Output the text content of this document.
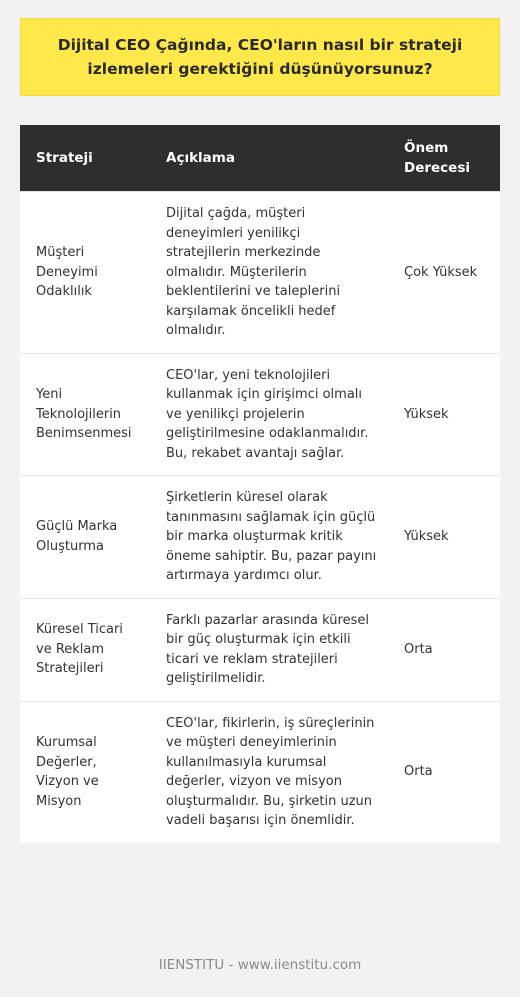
Dijital CEO Çağında, CEO'ların nasıl bir strateji izlemeleri gerektiğini düşünüyorsunuz?
Strateji	Açıklama	Önem Derecesi
Müşteri Deneyimi Odaklılık	Dijital çağda, müşteri deneyimleri yenilikçi stratejilerin merkezinde olmalıdır. Müşterilerin beklentilerini ve taleplerini karşılamak öncelikli hedef olmalıdır.	Çok Yüksek
Yeni Teknolojilerin Benimsenmesi	CEO'lar, yeni teknolojileri kullanmak için girişimci olmalı ve yenilikçi projelerin geliştirilmesine odaklanmalıdır. Bu, rekabet avantajı sağlar.	Yüksek
Güçlü Marka Oluşturma	Şirketlerin küresel olarak tanınmasını sağlamak için güçlü bir marka oluşturmak kritik öneme sahiptir. Bu, pazar payını artırmaya yardımcı olur.	Yüksek
Küresel Ticari ve Reklam Stratejileri	Farklı pazarlar arasında küresel bir güç oluşturmak için etkili ticari ve reklam stratejileri geliştirilmelidir.	Orta
Kurumsal Değerler, Vizyon ve Misyon	CEO'lar, fikirlerin, iş süreçlerinin ve müşteri deneyimlerinin kullanılmasıyla kurumsal değerler, vizyon ve misyon oluşturmalıdır. Bu, şirketin uzun vadeli başarısı için önemlidir.	Orta
IIENSTITU - www.iienstitu.com
